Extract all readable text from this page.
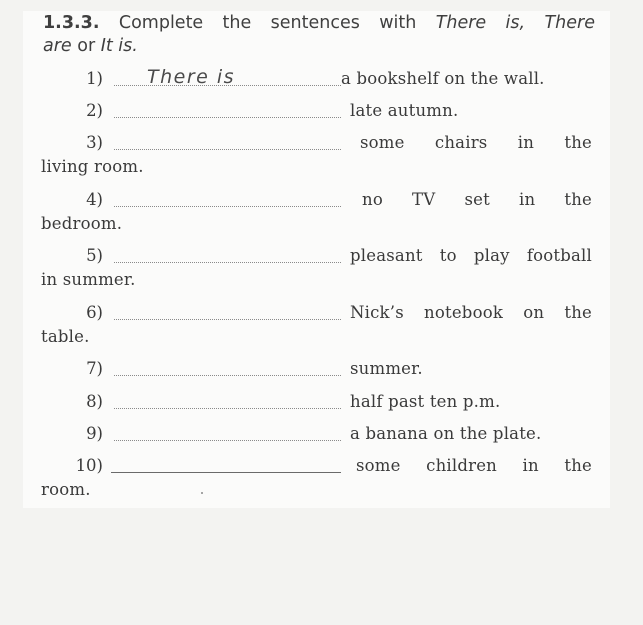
1.3.3. Complete the sentences with There is, There
are or It is.
1) There is	a bookshelf on the wall.
2)	late autumn.
3)	some chairs in the
living room.
4)	no TV set in the
bedroom.
5)	pleasant to play football
in summer.
6)	Nick’s notebook on the
table.
7)	summer.
8)	half past ten p.m.
9)	a banana on the plate.
10)	some children in the
room.
